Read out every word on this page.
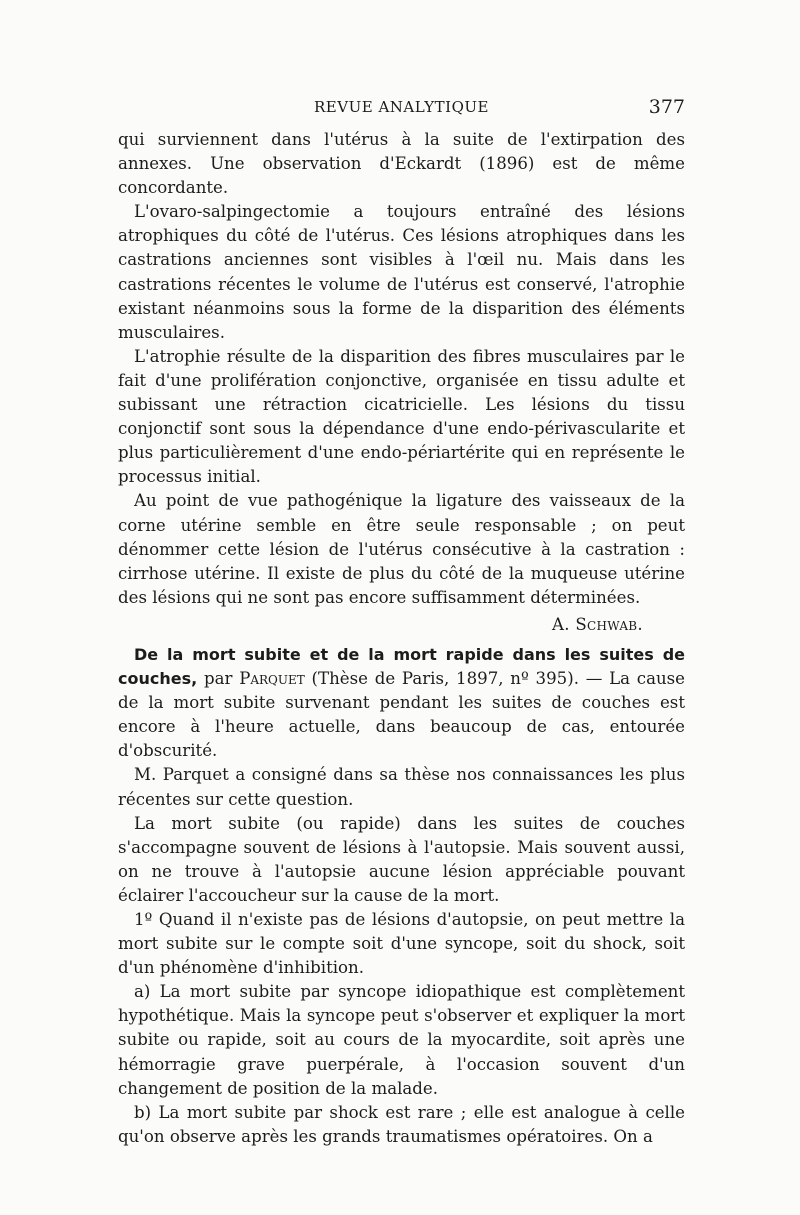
REVUE ANALYTIQUE	377

qui surviennent dans l'utérus à la suite de l'extirpation des annexes. Une observation d'Eckardt (1896) est de même concordante.

L'ovaro-salpingectomie a toujours entraîné des lésions atrophiques du côté de l'utérus. Ces lésions atrophiques dans les castrations anciennes sont visibles à l'œil nu. Mais dans les castrations récentes le volume de l'utérus est conservé, l'atrophie existant néanmoins sous la forme de la disparition des éléments musculaires.

L'atrophie résulte de la disparition des fibres musculaires par le fait d'une prolifération conjonctive, organisée en tissu adulte et subissant une rétraction cicatricielle. Les lésions du tissu conjonctif sont sous la dépendance d'une endo-périvascularite et plus particulièrement d'une endo-périartérite qui en représente le processus initial.

Au point de vue pathogénique la ligature des vaisseaux de la corne utérine semble en être seule responsable ; on peut dénommer cette lésion de l'utérus consécutive à la castration : cirrhose utérine. Il existe de plus du côté de la muqueuse utérine des lésions qui ne sont pas encore suffisamment déterminées.

A. Schwab.

De la mort subite et de la mort rapide dans les suites de couches, par Parquet (Thèse de Paris, 1897, nº 395). — La cause de la mort subite survenant pendant les suites de couches est encore à l'heure actuelle, dans beaucoup de cas, entourée d'obscurité.

M. Parquet a consigné dans sa thèse nos connaissances les plus récentes sur cette question.

La mort subite (ou rapide) dans les suites de couches s'accompagne souvent de lésions à l'autopsie. Mais souvent aussi, on ne trouve à l'autopsie aucune lésion appréciable pouvant éclairer l'accoucheur sur la cause de la mort.

1º Quand il n'existe pas de lésions d'autopsie, on peut mettre la mort subite sur le compte soit d'une syncope, soit du shock, soit d'un phénomène d'inhibition.

a) La mort subite par syncope idiopathique est complètement hypothétique. Mais la syncope peut s'observer et expliquer la mort subite ou rapide, soit au cours de la myocardite, soit après une hémorragie grave puerpérale, à l'occasion souvent d'un changement de position de la malade.

b) La mort subite par shock est rare ; elle est analogue à celle qu'on observe après les grands traumatismes opératoires. On a
